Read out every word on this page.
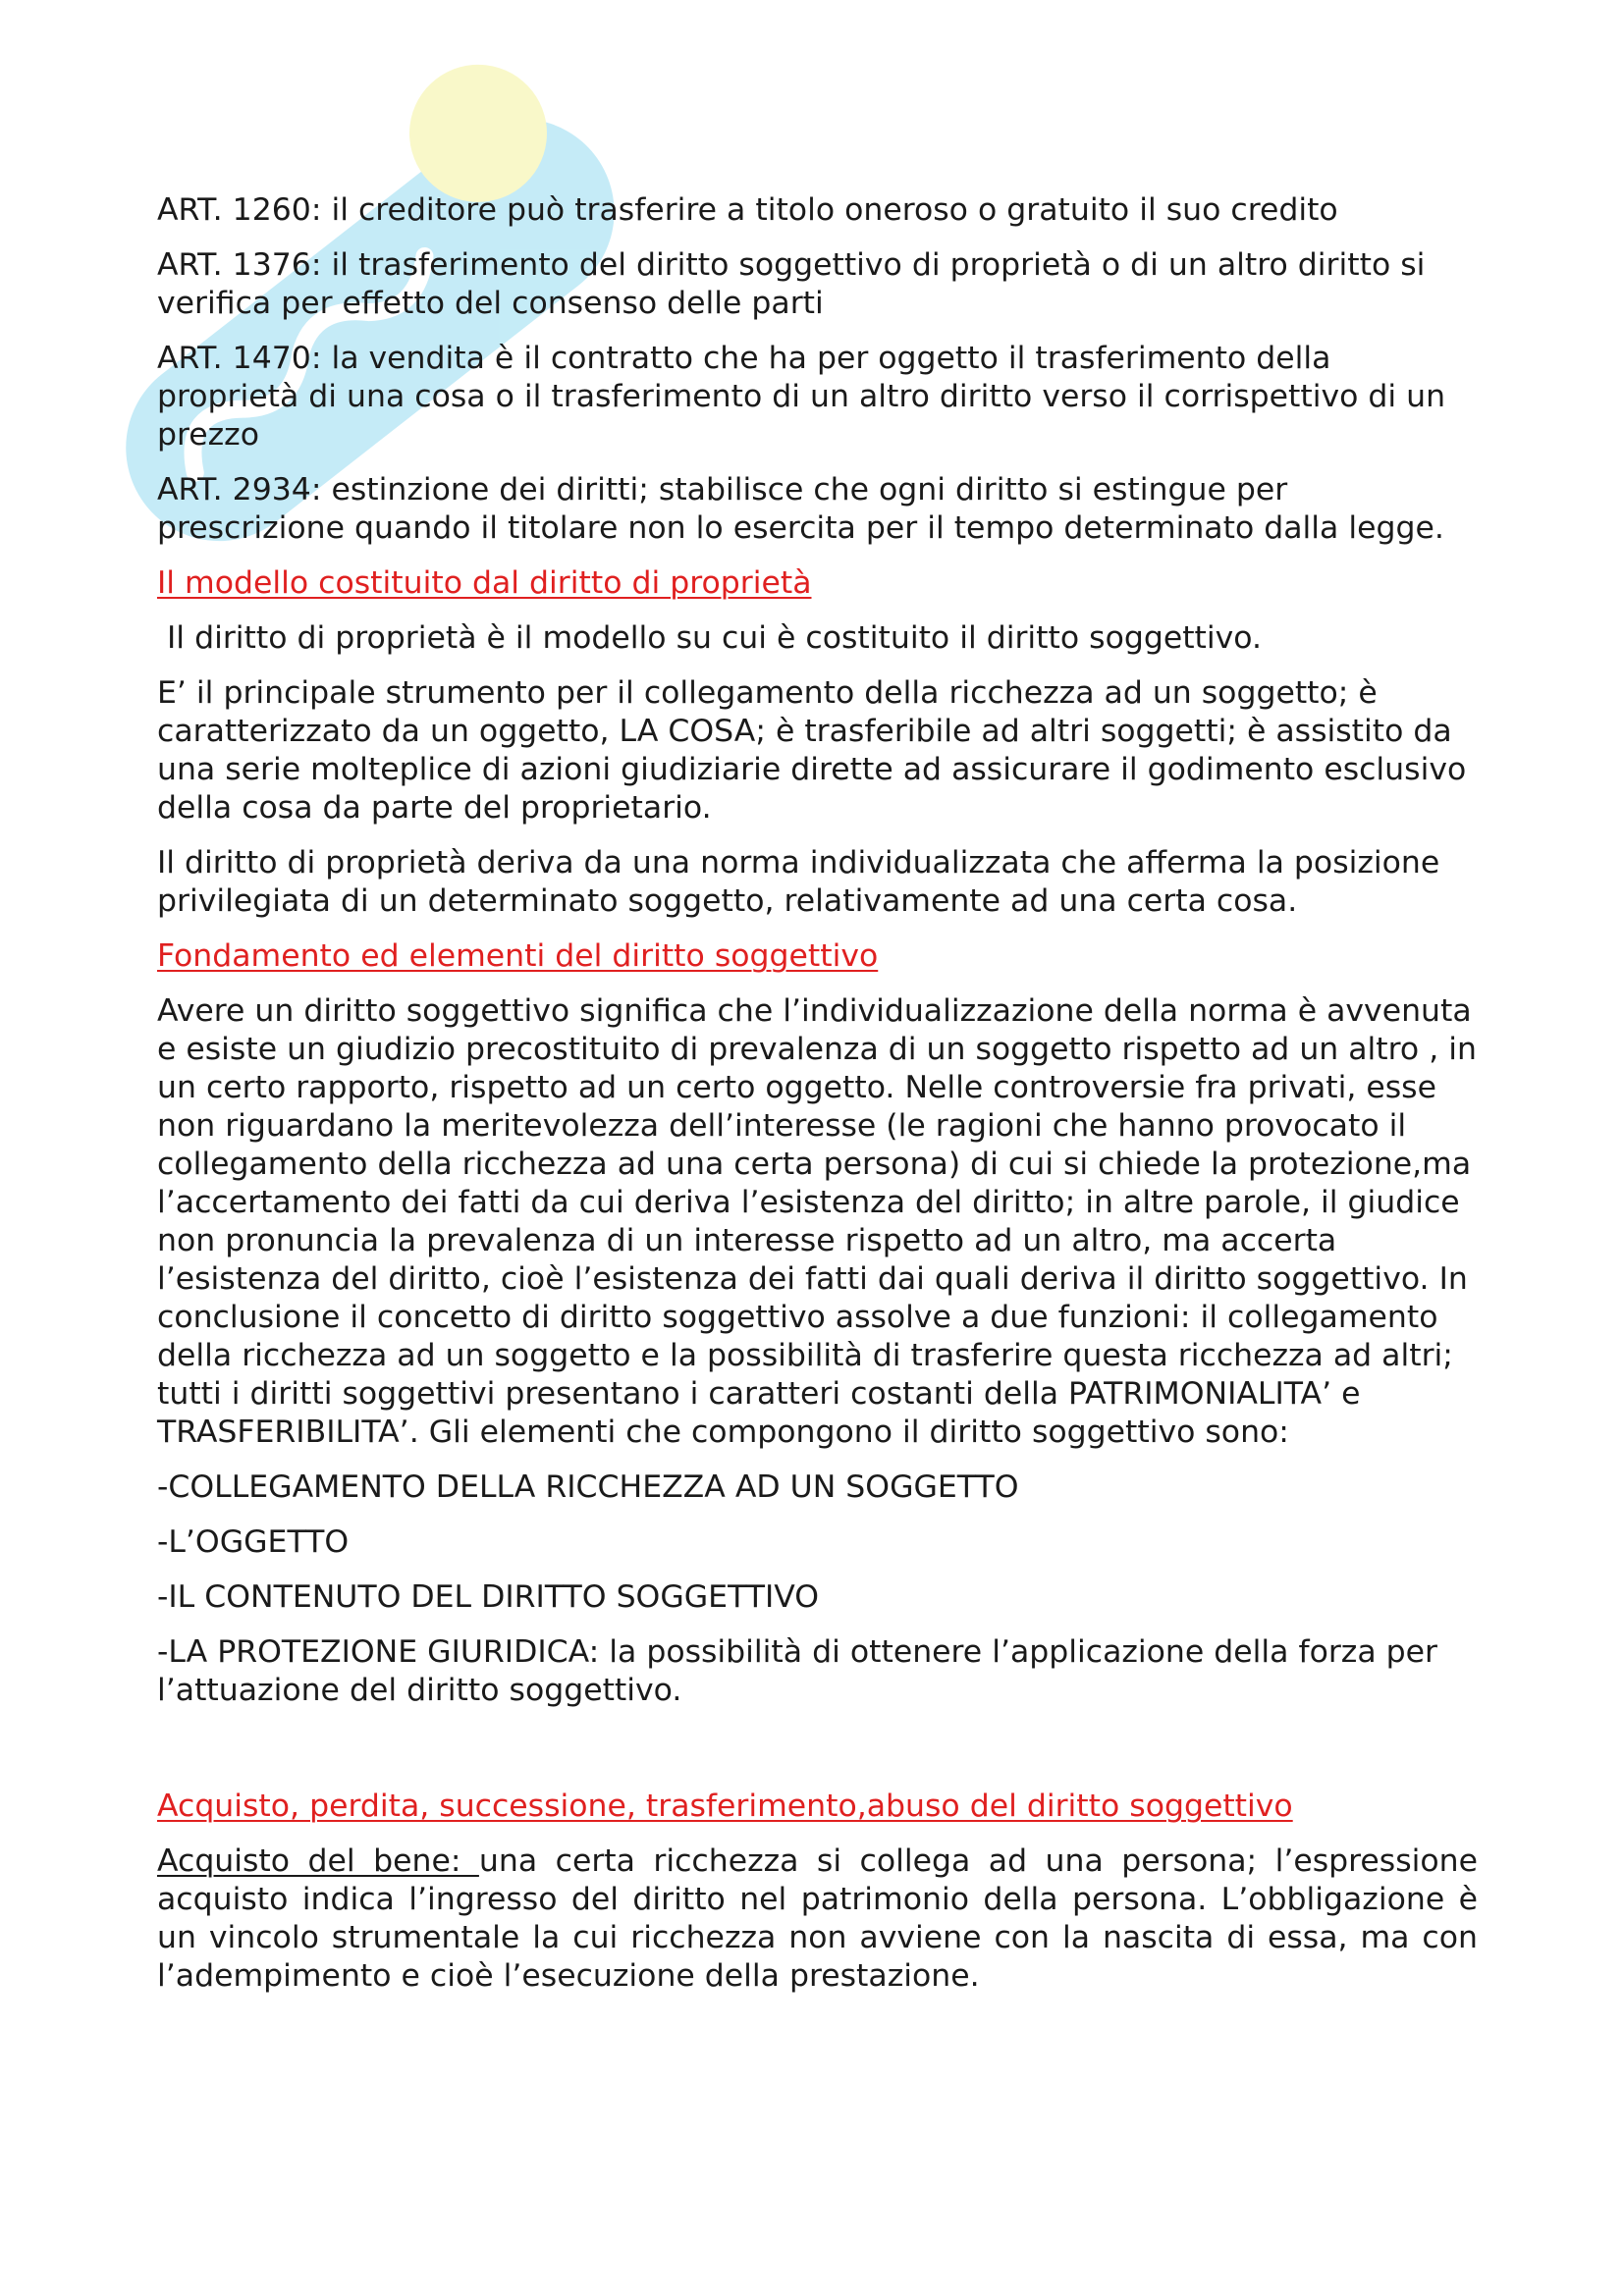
ART. 1260: il creditore può trasferire a titolo oneroso o gratuito il suo credito

ART. 1376: il trasferimento del diritto soggettivo di proprietà o di un altro diritto si verifica per effetto del consenso delle parti

ART. 1470: la vendita è il contratto che ha per oggetto il trasferimento della proprietà di una cosa o il trasferimento di un altro diritto verso il corrispettivo di un prezzo

ART. 2934: estinzione dei diritti; stabilisce che ogni diritto si estingue per prescrizione quando il titolare non lo esercita per il tempo determinato dalla legge.

Il modello costituito dal diritto di proprietà

Il diritto di proprietà è il modello su cui è costituito il diritto soggettivo.

E’ il principale strumento per il collegamento della ricchezza ad un soggetto; è caratterizzato da un oggetto, LA COSA; è trasferibile ad altri soggetti; è assistito da una serie molteplice di azioni giudiziarie dirette ad assicurare il godimento esclusivo della cosa da parte del proprietario.

Il diritto di proprietà deriva da una norma individualizzata che afferma la posizione privilegiata di un determinato soggetto, relativamente ad una certa cosa.

Fondamento ed elementi del diritto soggettivo

Avere un diritto soggettivo significa che l’individualizzazione della norma è avvenuta e esiste un giudizio precostituito di prevalenza di un soggetto rispetto ad un altro , in un certo rapporto, rispetto ad un certo oggetto. Nelle controversie fra privati, esse non riguardano la meritevolezza dell’interesse (le ragioni che hanno provocato il collegamento della ricchezza ad una certa persona) di cui si chiede la protezione,ma l’accertamento dei fatti da cui deriva l’esistenza del diritto; in altre parole, il giudice non pronuncia la prevalenza di un interesse rispetto ad un altro, ma accerta l’esistenza del diritto, cioè l’esistenza dei fatti dai quali deriva il diritto soggettivo. In conclusione il concetto di diritto soggettivo assolve a due funzioni: il collegamento della ricchezza ad un soggetto e la possibilità di trasferire questa ricchezza ad altri; tutti i diritti soggettivi presentano i caratteri costanti della PATRIMONIALITA’ e TRASFERIBILITA’. Gli elementi che compongono il diritto soggettivo sono:

-COLLEGAMENTO DELLA RICCHEZZA AD UN SOGGETTO

-L’OGGETTO

-IL CONTENUTO DEL DIRITTO SOGGETTIVO

-LA PROTEZIONE GIURIDICA: la possibilità di ottenere l’applicazione della forza per l’attuazione del diritto soggettivo.

Acquisto, perdita, successione, trasferimento,abuso del diritto soggettivo

Acquisto del bene: una certa ricchezza si collega ad una persona; l’espressione acquisto indica l’ingresso del diritto nel patrimonio della persona. L’obbligazione è un vincolo strumentale la cui ricchezza non avviene con la nascita di essa, ma con l’adempimento e cioè l’esecuzione della prestazione.
